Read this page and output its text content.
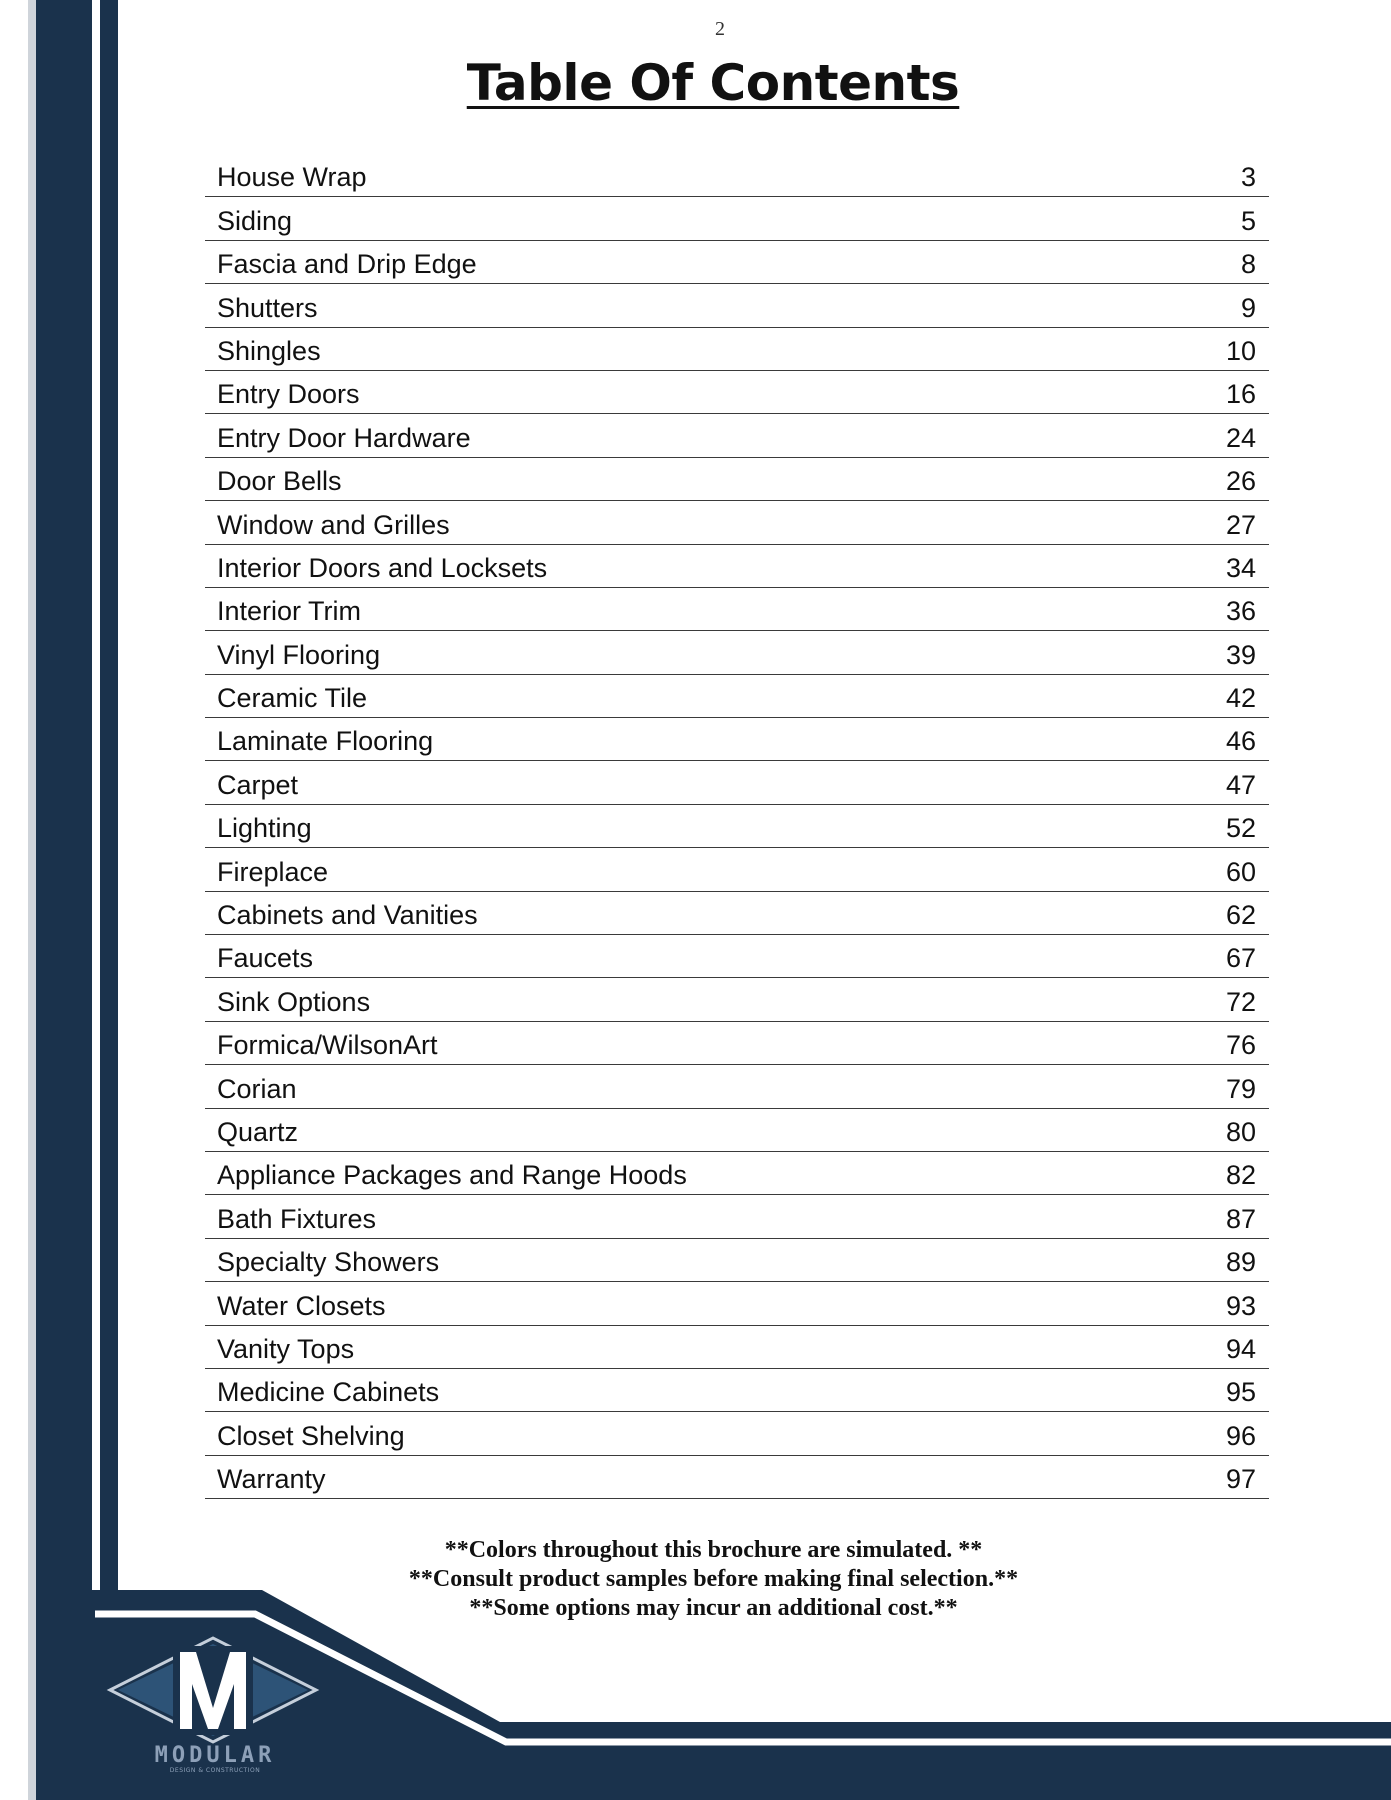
MODULAR
DESIGN & CONSTRUCTION
2
Table Of Contents
House Wrap	3
Siding	5
Fascia and Drip Edge	8
Shutters	9
Shingles	10
Entry Doors	16
Entry Door Hardware	24
Door Bells	26
Window and Grilles	27
Interior Doors and Locksets	34
Interior Trim	36
Vinyl Flooring	39
Ceramic Tile	42
Laminate Flooring	46
Carpet	47
Lighting	52
Fireplace	60
Cabinets and Vanities	62
Faucets	67
Sink Options	72
Formica/WilsonArt	76
Corian	79
Quartz	80
Appliance Packages and Range Hoods	82
Bath Fixtures	87
Specialty Showers	89
Water Closets	93
Vanity Tops	94
Medicine Cabinets	95
Closet Shelving	96
Warranty	97
**Colors throughout this brochure are simulated. **
**Consult product samples before making final selection.**
**Some options may incur an additional cost.**
